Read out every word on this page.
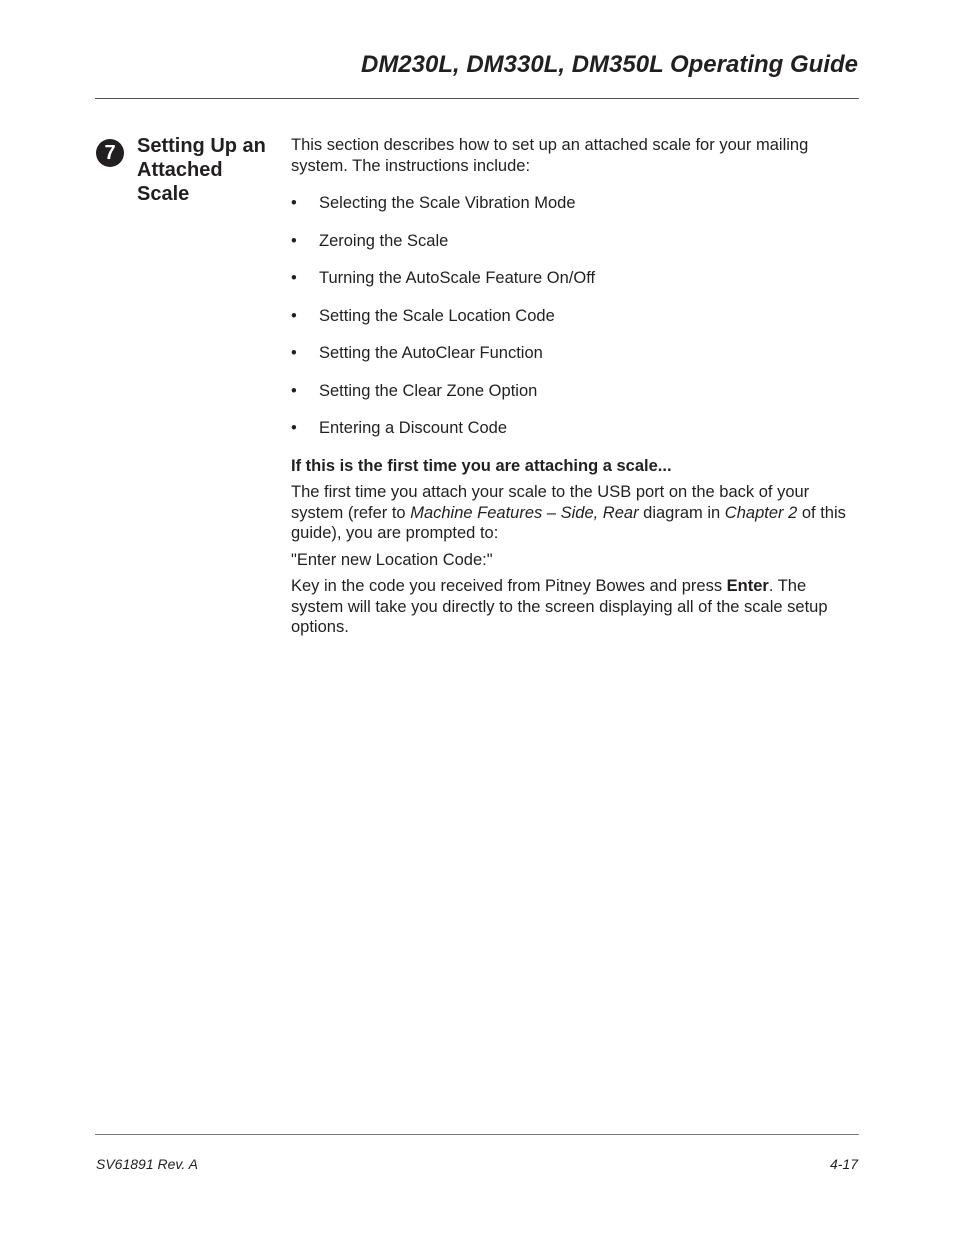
DM230L, DM330L, DM350L Operating Guide
7	Setting Up an Attached Scale

This section describes how to set up an attached scale for your mailing system. The instructions include:

• Selecting the Scale Vibration Mode
• Zeroing the Scale
• Turning the AutoScale Feature On/Off
• Setting the Scale Location Code
• Setting the AutoClear Function
• Setting the Clear Zone Option
• Entering a Discount Code

If this is the first time you are attaching a scale...

The first time you attach your scale to the USB port on the back of your system (refer to Machine Features – Side, Rear diagram in Chapter 2 of this guide), you are prompted to:

"Enter new Location Code:"

Key in the code you received from Pitney Bowes and press Enter. The system will take you directly to the screen displaying all of the scale setup options.

SV61891 Rev. A	4-17
